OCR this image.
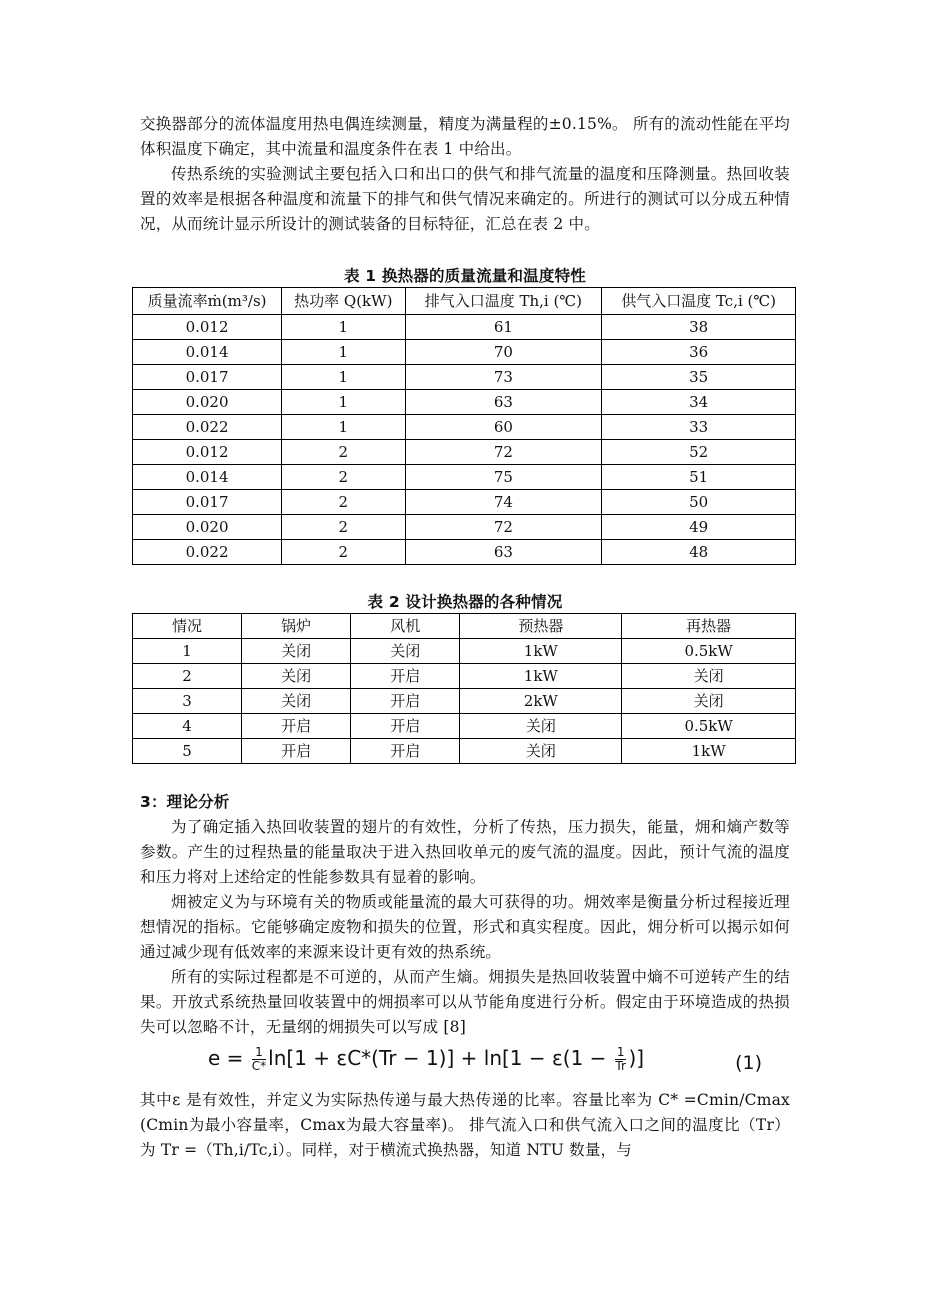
交换器部分的流体温度用热电偶连续测量，精度为满量程的±0.15%。 所有的流动性能在平均体积温度下确定，其中流量和温度条件在表 1 中给出。

传热系统的实验测试主要包括入口和出口的供气和排气流量的温度和压降测量。热回收装置的效率是根据各种温度和流量下的排气和供气情况来确定的。所进行的测试可以分成五种情况，从而统计显示所设计的测试装备的目标特征，汇总在表 2 中。

表 1 换热器的质量流量和温度特性

质量流率ṁ(m³/s)	热功率 Q(kW)	排气入口温度 Th,i (℃)	供气入口温度 Tc,i (℃)
0.012	1	61	38
0.014	1	70	36
0.017	1	73	35
0.020	1	63	34
0.022	1	60	33
0.012	2	72	52
0.014	2	75	51
0.017	2	74	50
0.020	2	72	49
0.022	2	63	48

表 2 设计换热器的各种情况

情况	锅炉	风机	预热器	再热器
1	关闭	关闭	1kW	0.5kW
2	关闭	开启	1kW	关闭
3	关闭	开启	2kW	关闭
4	开启	开启	关闭	0.5kW
5	开启	开启	关闭	1kW

3：理论分析

为了确定插入热回收装置的翅片的有效性，分析了传热，压力损失，能量，㶲和熵产数等参数。产生的过程热量的能量取决于进入热回收单元的废气流的温度。因此，预计气流的温度和压力将对上述给定的性能参数具有显着的影响。

㶲被定义为与环境有关的物质或能量流的最大可获得的功。㶲效率是衡量分析过程接近理想情况的指标。它能够确定废物和损失的位置，形式和真实程度。因此，㶲分析可以揭示如何通过减少现有低效率的来源来设计更有效的热系统。

所有的实际过程都是不可逆的，从而产生熵。㶲损失是热回收装置中熵不可逆转产生的结果。开放式系统热量回收装置中的㶲损率可以从节能角度进行分析。假定由于环境造成的热损失可以忽略不计，无量纲的㶲损失可以写成 [8]

$e = \frac{1}{C*} \ln[1 + \varepsilon C*(Tr - 1)] + \ln[1 - \varepsilon(1 - \frac{1}{Tr}$ )]	(1)

其中ε 是有效性，并定义为实际热传递与最大热传递的比率。容量比率为 C* =Cmin/Cmax (Cmin为最小容量率，Cmax为最大容量率)。 排气流入口和供气流入口之间的温度比（Tr）为 Tr =（Th,i/Tc,i）。同样，对于横流式换热器，知道 NTU 数量，与
